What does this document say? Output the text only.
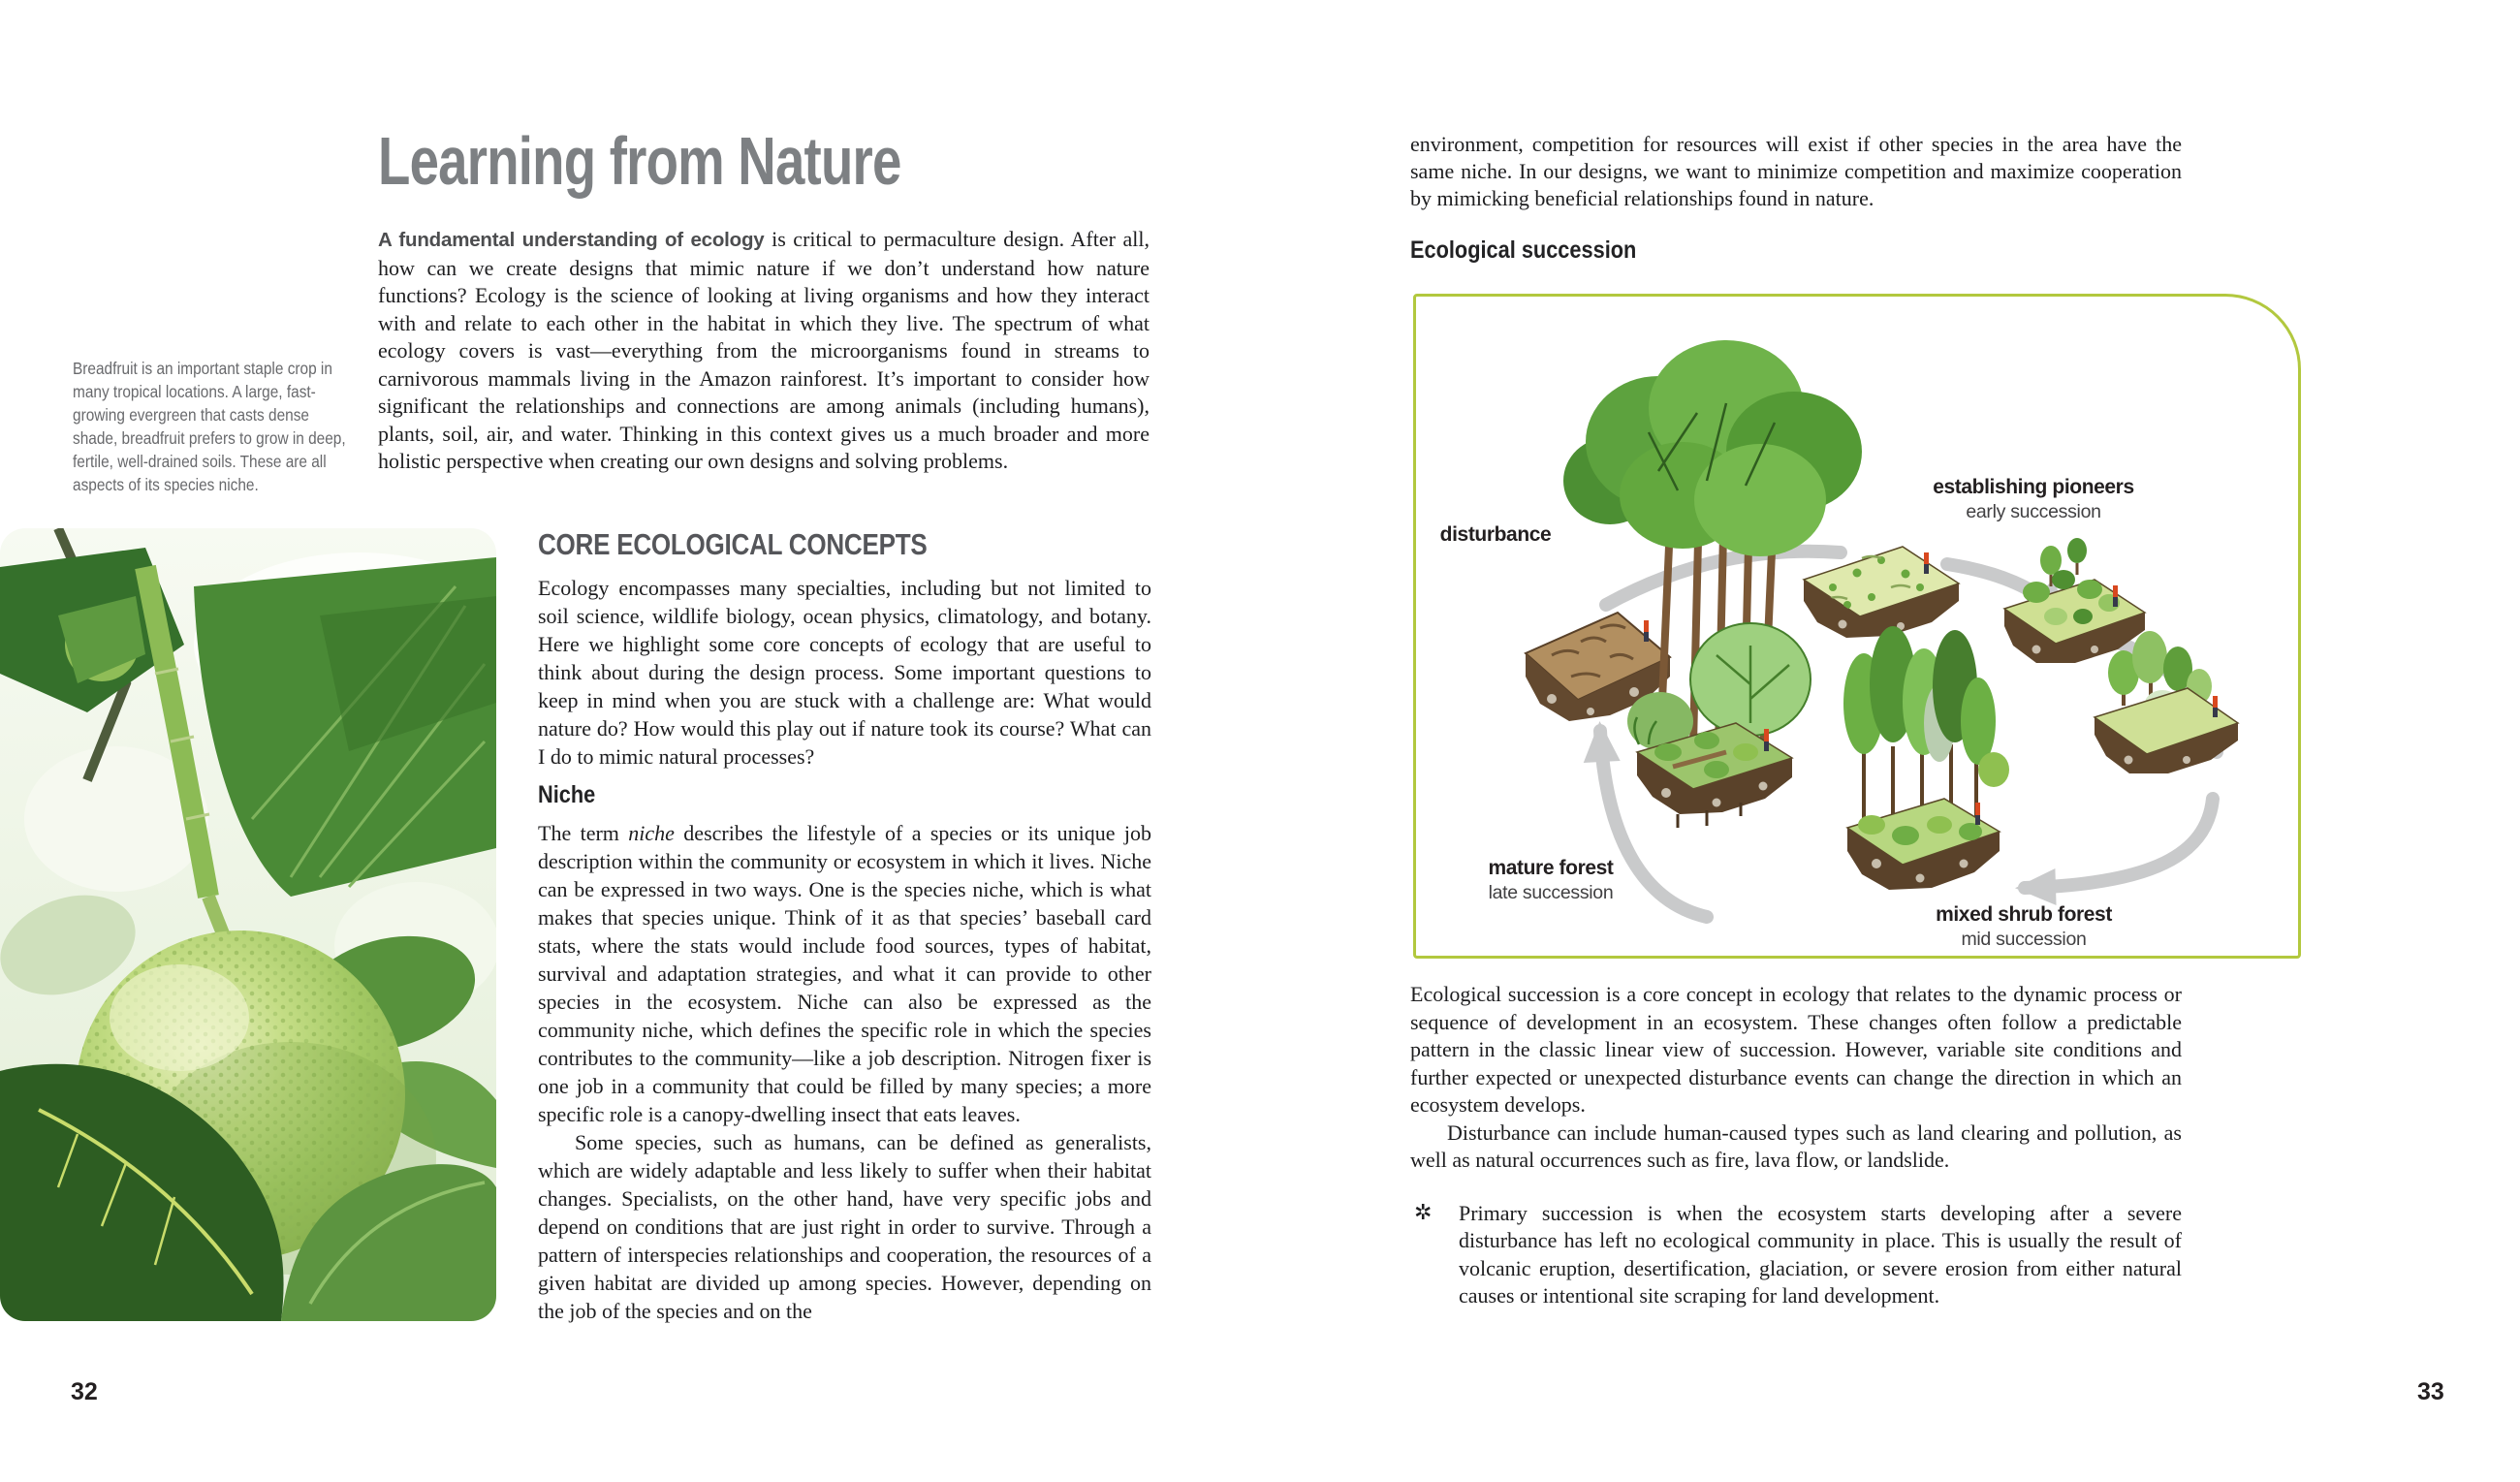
Learning from Nature
Breadfruit is an important staple crop in many tropical locations. A large, fast-growing evergreen that casts dense shade, breadfruit prefers to grow in deep, fertile, well-drained soils. These are all aspects of its species niche.

A fundamental understanding of ecology is critical to permaculture design. After all, how can we create designs that mimic nature if we don’t understand how nature functions? Ecology is the science of looking at living organisms and how they interact with and relate to each other in the habitat in which they live. The spectrum of what ecology covers is vast—everything from the microorganisms found in streams to carnivorous mammals living in the Amazon rainforest. It’s important to consider how significant the relationships and connections are among animals (including humans), plants, soil, air, and water. Thinking in this context gives us a much broader and more holistic perspective when creating our own designs and solving problems.

CORE ECOLOGICAL CONCEPTS

Ecology encompasses many specialties, including but not limited to soil science, wildlife biology, ocean physics, climatology, and botany. Here we highlight some core concepts of ecology that are useful to think about during the design process. Some important questions to keep in mind when you are stuck with a challenge are: What would nature do? How would this play out if nature took its course? What can I do to mimic natural processes?

Niche

The term niche describes the lifestyle of a species or its unique job description within the community or ecosystem in which it lives. Niche can be expressed in two ways. One is the species niche, which is what makes that species unique. Think of it as that species’ baseball card stats, where the stats would include food sources, types of habitat, survival and adaptation strategies, and what it can provide to other species in the ecosystem. Niche can also be expressed as the community niche, which defines the specific role in which the species contributes to the community—like a job description. Nitrogen fixer is one job in a community that could be filled by many species; a more specific role is a canopy-dwelling insect that eats leaves.

Some species, such as humans, can be defined as generalists, which are widely adaptable and less likely to suffer when their habitat changes. Specialists, on the other hand, have very specific jobs and depend on conditions that are just right in order to survive. Through a pattern of interspecies relationships and cooperation, the resources of a given habitat are divided up among species. However, depending on the job of the species and on the

32

environment, competition for resources will exist if other species in the area have the same niche. In our designs, we want to minimize competition and maximize cooperation by mimicking beneficial relationships found in nature.

Ecological succession
disturbance
establishing pioneers
early succession
mature forest
late succession
mixed shrub forest
mid succession

Ecological succession is a core concept in ecology that relates to the dynamic process or sequence of development in an ecosystem. These changes often follow a predictable pattern in the classic linear view of succession. However, variable site conditions and further expected or unexpected disturbance events can change the direction in which an ecosystem develops.

Disturbance can include human-caused types such as land clearing and pollution, as well as natural occurrences such as fire, lava flow, or landslide.

✲	Primary succession is when the ecosystem starts developing after a severe disturbance has left no ecological community in place. This is usually the result of volcanic eruption, desertification, glaciation, or severe erosion from either natural causes or intentional site scraping for land development.
33
